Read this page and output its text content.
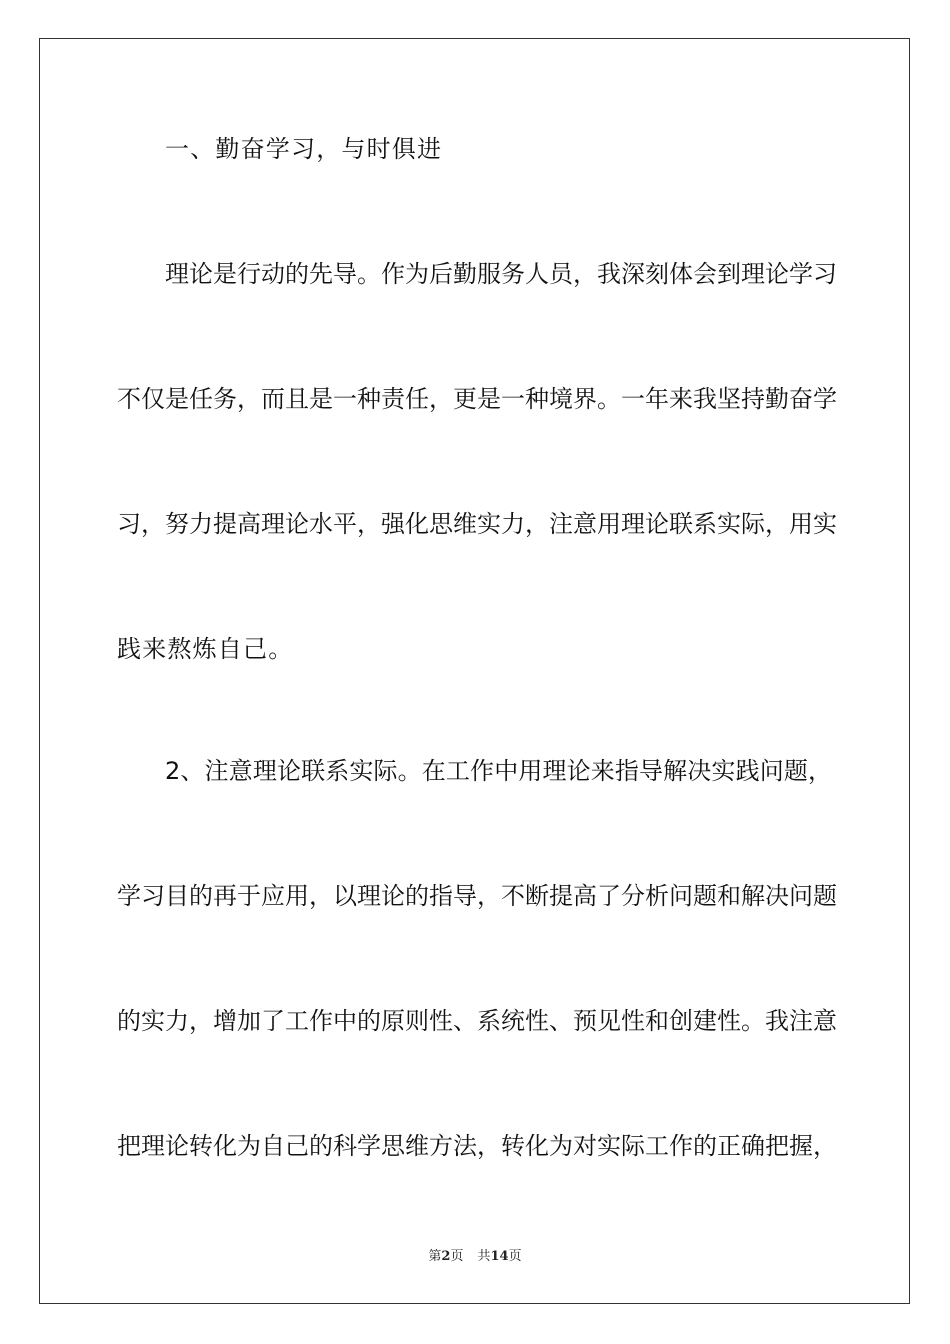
一、勤奋学习，与时俱进
理论是行动的先导。作为后勤服务人员，我深刻体会到理论学习
不仅是任务，而且是一种责任，更是一种境界。一年来我坚持勤奋学
习，努力提高理论水平，强化思维实力，注意用理论联系实际，用实
践来熬炼自己。
2、注意理论联系实际。在工作中用理论来指导解决实践问题，
学习目的再于应用，以理论的指导，不断提高了分析问题和解决问题
的实力，增加了工作中的原则性、系统性、预见性和创建性。我注意
把理论转化为自己的科学思维方法，转化为对实际工作的正确把握，
第2页 共14页
